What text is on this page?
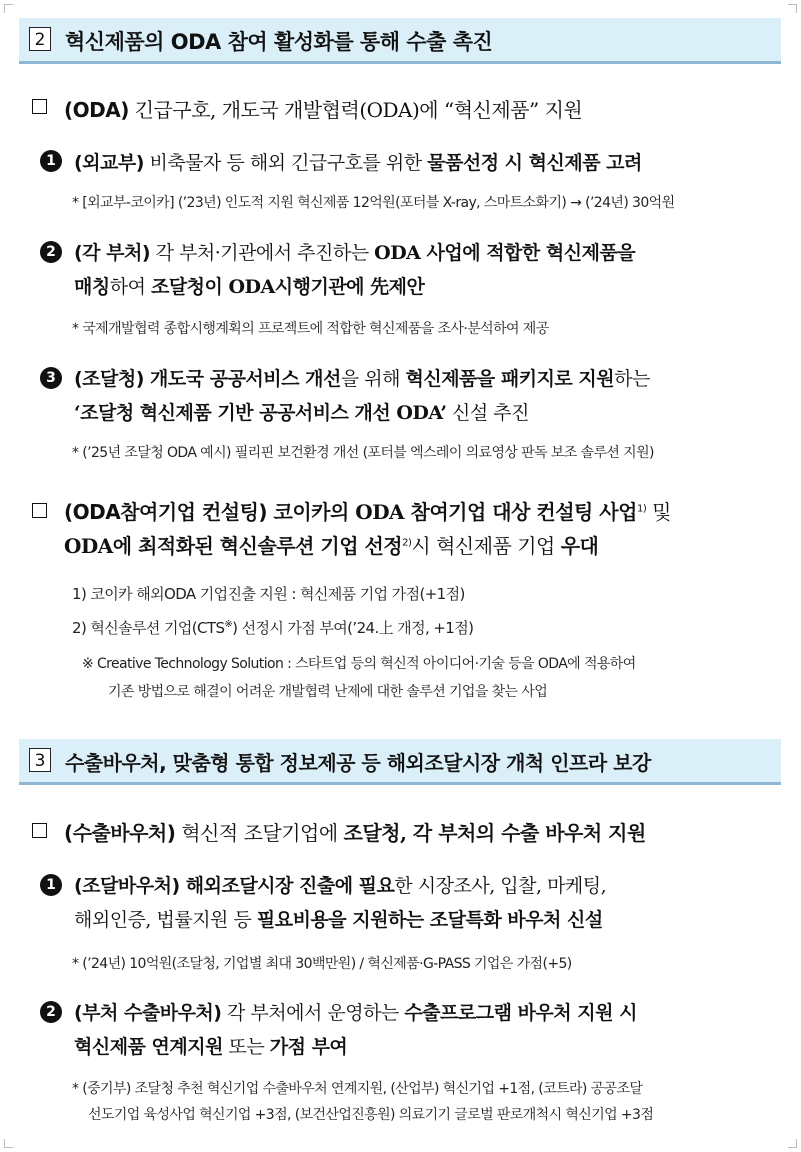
2 혁신제품의 ODA 참여 활성화를 통해 수출 촉진
(ODA) 긴급구호, 개도국 개발협력(ODA)에 “혁신제품” 지원
1 (외교부) 비축물자 등 해외 긴급구호를 위한 물품선정 시 혁신제품 고려
* [외교부-코이카] (’23년) 인도적 지원 혁신제품 12억원(포터블 X-ray, 스마트소화기) → (’24년) 30억원
2 (각 부처) 각 부처·기관에서 추진하는 ODA 사업에 적합한 혁신제품을
매칭하여 조달청이 ODA시행기관에 先제안
* 국제개발협력 종합시행계획의 프로젝트에 적합한 혁신제품을 조사·분석하여 제공
3 (조달청) 개도국 공공서비스 개선을 위해 혁신제품을 패키지로 지원하는
‘조달청 혁신제품 기반 공공서비스 개선 ODA’ 신설 추진
* (’25년 조달청 ODA 예시) 필리핀 보건환경 개선 (포터블 엑스레이 의료영상 판독 보조 솔루션 지원)
(ODA참여기업 컨설팅) 코이카의 ODA 참여기업 대상 컨설팅 사업$^{1)}$ 및
ODA에 최적화된 혁신솔루션 기업 선정$^{2)}$시 혁신제품 기업 우대
1) 코이카 해외ODA 기업진출 지원 : 혁신제품 기업 가점(+1점)
2) 혁신솔루션 기업(CTS※) 선정시 가점 부여(’24.上 개정, +1점)
※ Creative Technology Solution : 스타트업 등의 혁신적 아이디어·기술 등을 ODA에 적용하여
기존 방법으로 해결이 어려운 개발협력 난제에 대한 솔루션 기업을 찾는 사업
3 수출바우처, 맞춤형 통합 정보제공 등 해외조달시장 개척 인프라 보강
(수출바우처) 혁신적 조달기업에 조달청, 각 부처의 수출 바우처 지원
1 (조달바우처) 해외조달시장 진출에 필요한 시장조사, 입찰, 마케팅,
해외인증, 법률지원 등 필요비용을 지원하는 조달특화 바우처 신설
* (’24년) 10억원(조달청, 기업별 최대 30백만원) / 혁신제품·G-PASS 기업은 가점(+5)
2 (부처 수출바우처) 각 부처에서 운영하는 수출프로그램 바우처 지원 시
혁신제품 연계지원 또는 가점 부여
* (중기부) 조달청 추천 혁신기업 수출바우처 연계지원, (산업부) 혁신기업 +1점, (코트라) 공공조달
선도기업 육성사업 혁신기업 +3점, (보건산업진흥원) 의료기기 글로벌 판로개척시 혁신기업 +3점
